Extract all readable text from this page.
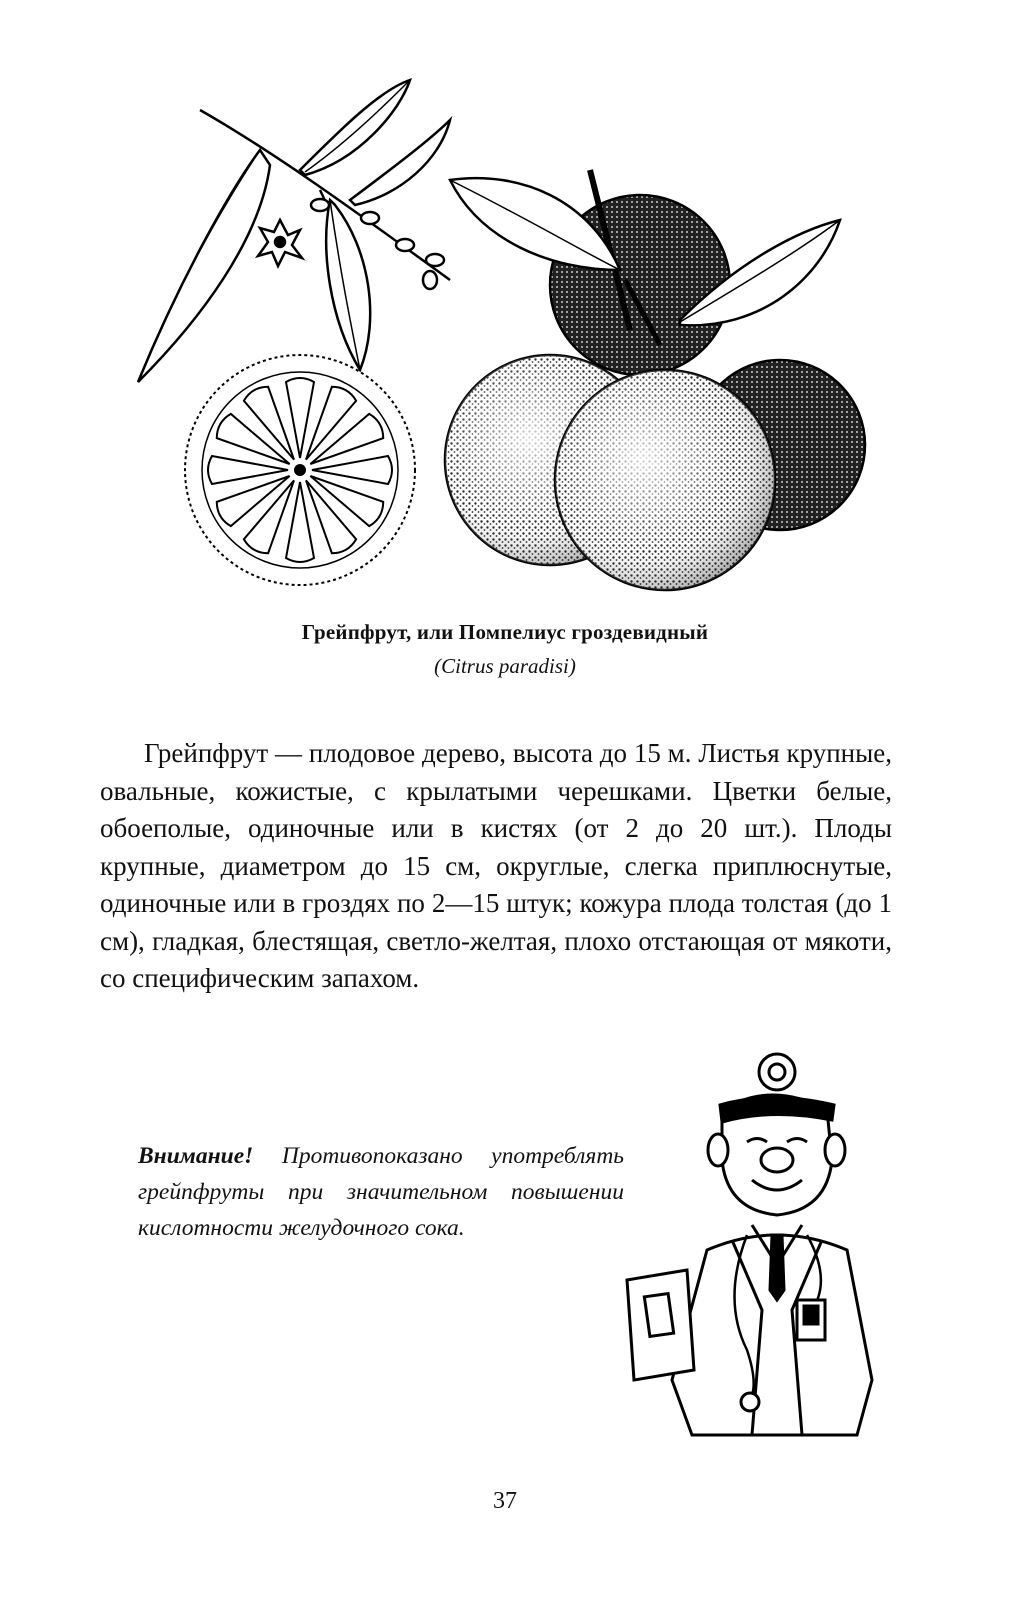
Грейпфрут, или Помпелиус гроздевидный
(Citrus paradisi)

Грейпфрут — плодовое дерево, высота до 15 м. Листья крупные, овальные, кожистые, с крылатыми черешками. Цветки белые, обоеполые, одиночные или в кистях (от 2 до 20 шт.). Плоды крупные, диаметром до 15 см, округлые, слегка приплюснутые, одиночные или в гроздях по 2—15 штук; кожура плода толстая (до 1 см), гладкая, блестящая, светло-желтая, плохо отстающая от мякоти, со специфическим запахом.

Внимание! Противопоказано употреблять грейпфруты при значительном повышении кислотности желудочного сока.

37
